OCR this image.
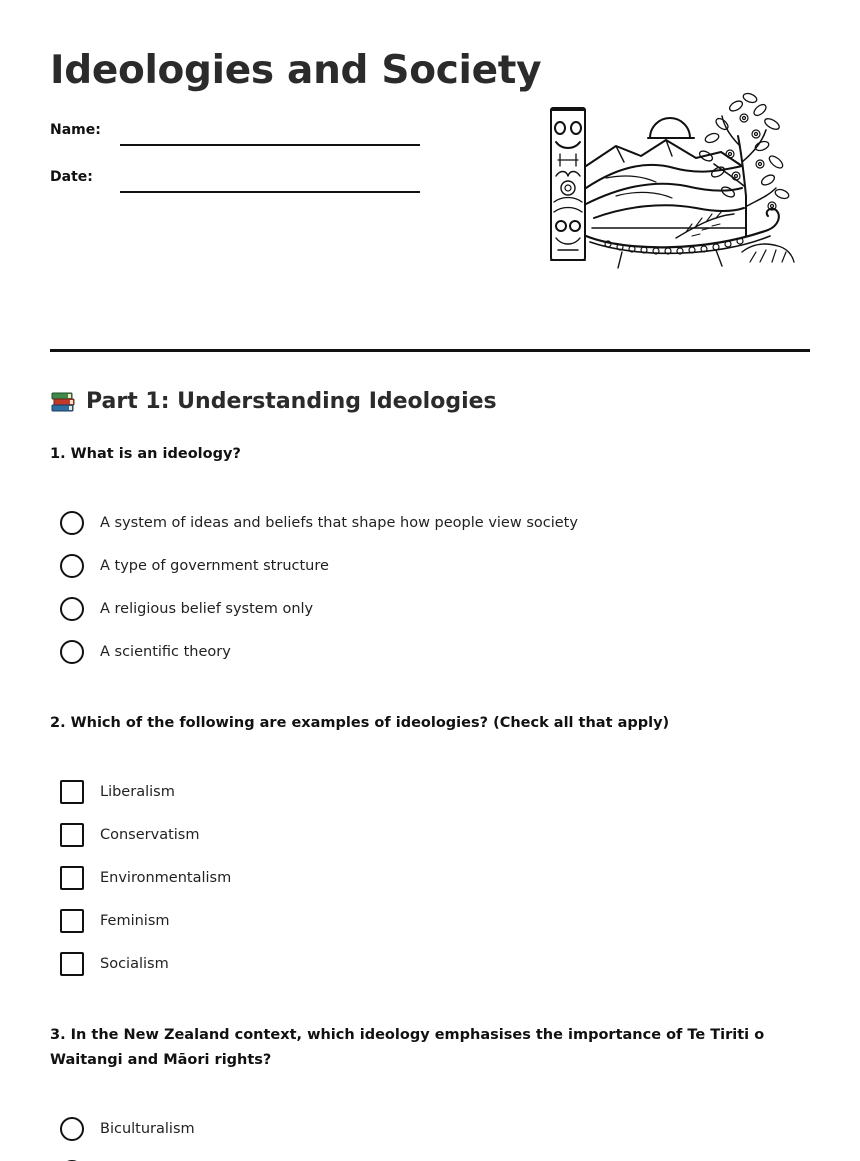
Ideologies and Society
Name:
Date:
Part 1: Understanding Ideologies

1. What is an ideology?

A system of ideas and beliefs that shape how people view society
A type of government structure
A religious belief system only
A scientific theory

2. Which of the following are examples of ideologies? (Check all that apply)

Liberalism
Conservatism
Environmentalism
Feminism
Socialism

3. In the New Zealand context, which ideology emphasises the importance of Te Tiriti o Waitangi and Māori rights?

Biculturalism
